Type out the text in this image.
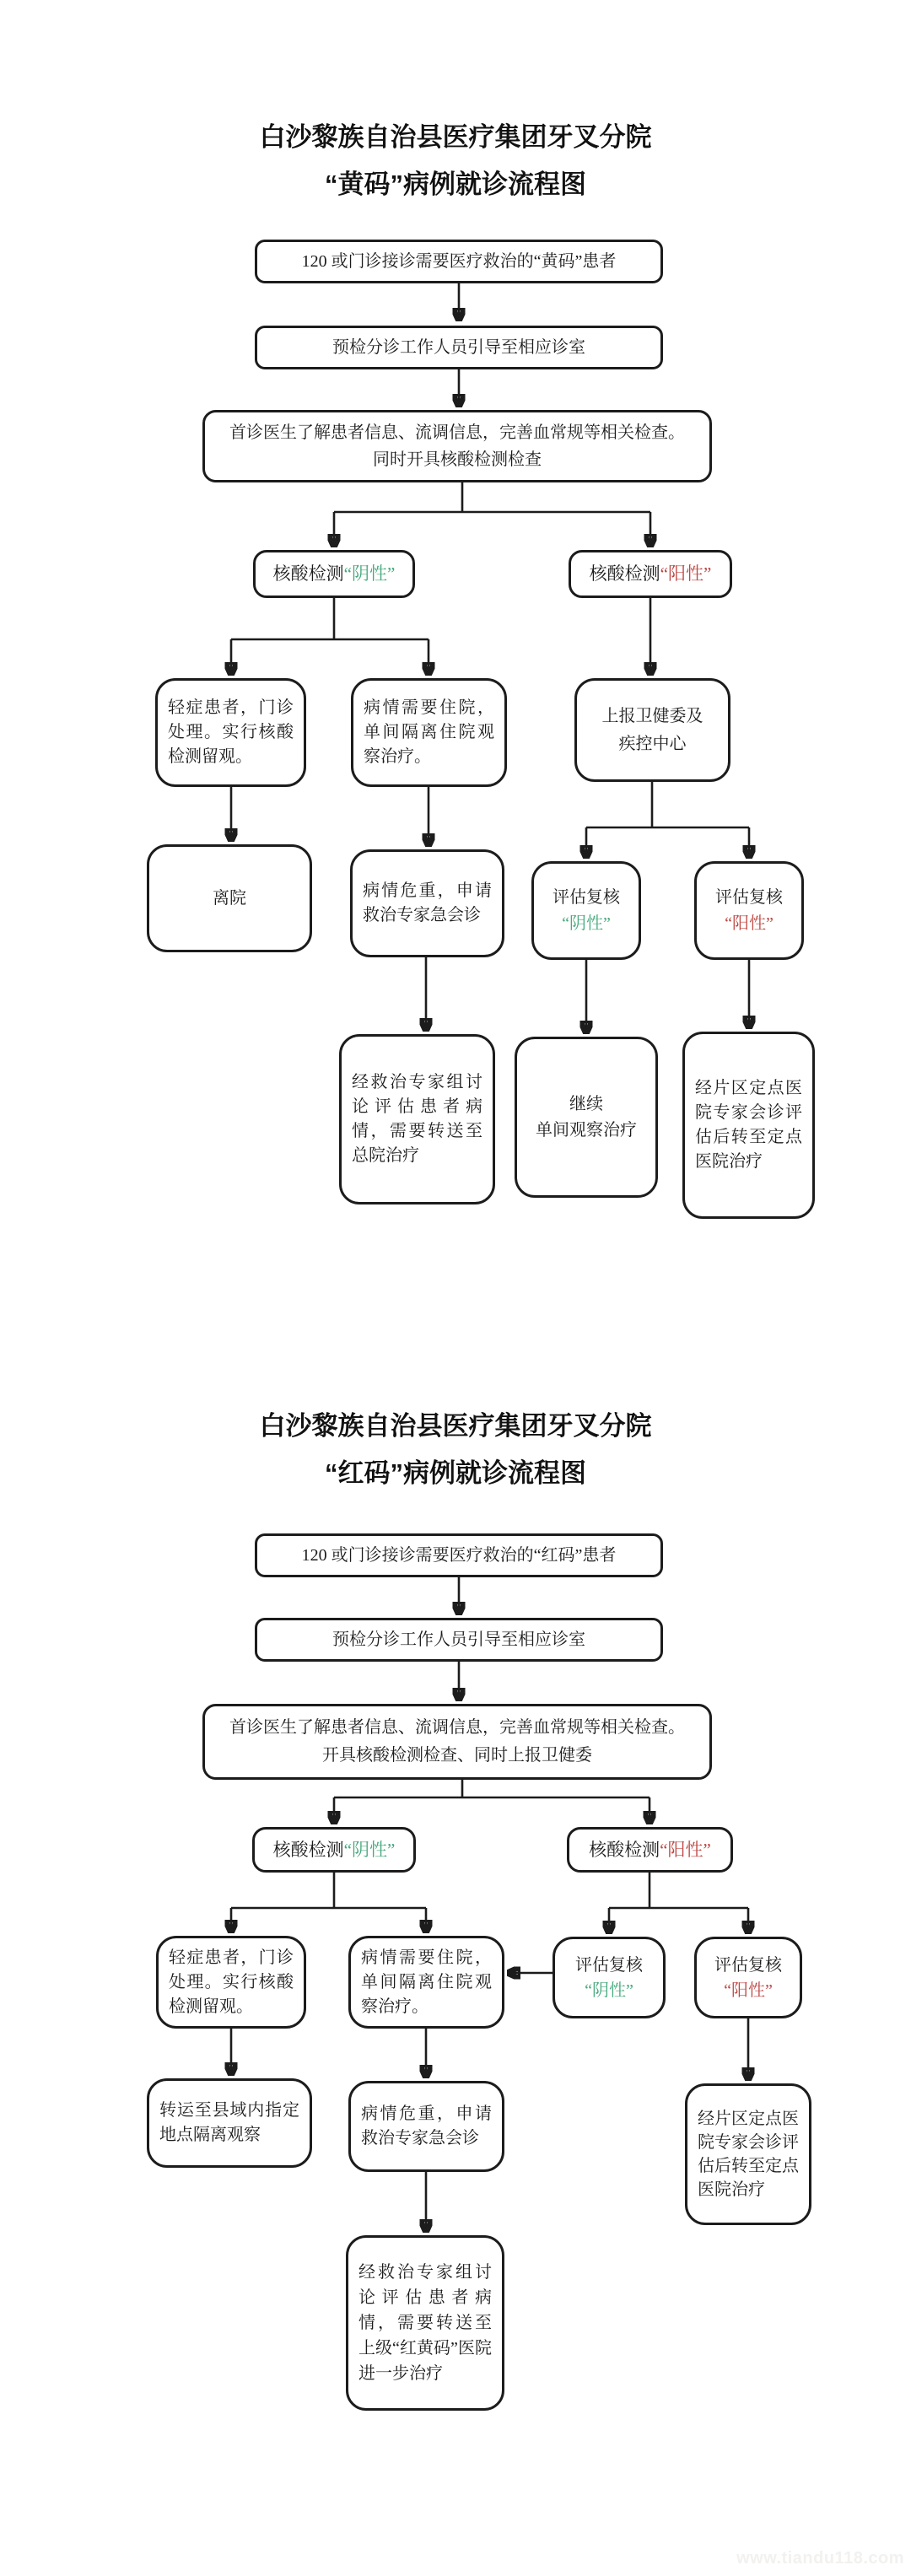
白沙黎族自治县医疗集团牙叉分院
“黄码”病例就诊流程图
120 或门诊接诊需要医疗救治的“黄码”患者
预检分诊工作人员引导至相应诊室
首诊医生了解患者信息、流调信息，完善血常规等相关检查。
同时开具核酸检测检查
核酸检测“阴性”	核酸检测“阳性”
轻症患者，门诊处理。实行核酸检测留观。
病情需要住院，单间隔离住院观察治疗。
上报卫健委及
疾控中心
离院	病情危重，申请救治专家急会诊
评估复核
“阴性”
评估复核
“阳性”
经救治专家组讨论评估患者病情，需要转送至总院治疗
继续
单间观察治疗
经片区定点医院专家会诊评估后转至定点医院治疗
白沙黎族自治县医疗集团牙叉分院
“红码”病例就诊流程图
120 或门诊接诊需要医疗救治的“红码”患者
预检分诊工作人员引导至相应诊室
首诊医生了解患者信息、流调信息，完善血常规等相关检查。
开具核酸检测检查、同时上报卫健委
核酸检测“阴性”	核酸检测“阳性”
轻症患者，门诊处理。实行核酸检测留观。
病情需要住院，单间隔离住院观察治疗。
评估复核
“阴性”
评估复核
“阳性”
转运至县域内指定地点隔离观察
病情危重，申请救治专家急会诊
经片区定点医院专家会诊评估后转至定点医院治疗
经救治专家组讨论评估患者病情，需要转送至上级“红黄码”医院进一步治疗
www.tiandu118.com
